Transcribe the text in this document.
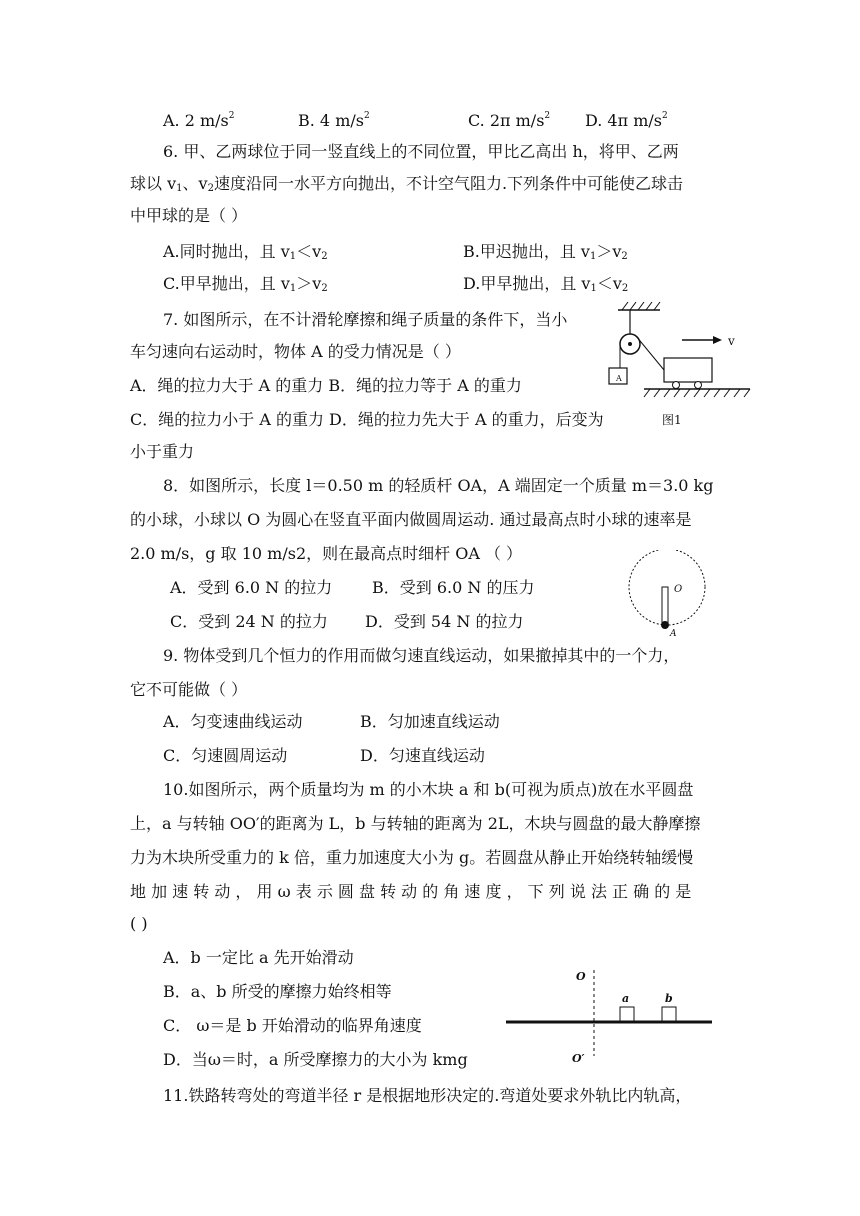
A. 2 $m/s^2$	B. 4 $m/s^2$	C. 2π $m/s^2$ D. 4π $m/s^2$
6. 甲、乙两球位于同一竖直线上的不同位置，甲比乙高出 h，将甲、乙两
球以 $v_1$、$v_2$速度沿同一水平方向抛出，不计空气阻力.下列条件中可能使乙球击
中甲球的是（ ）
A.同时抛出，且 $v_1<v_2$	B.甲迟抛出，且 $v_1>v_2$
C.甲早抛出，且 $v_1>v_2$	D.甲早抛出，且 $v_1<v_2$
7. 如图所示，在不计滑轮摩擦和绳子质量的条件下，当小
车匀速向右运动时，物体 A 的受力情况是（ ）
A．绳的拉力大于 A 的重力 B．绳的拉力等于 A 的重力
C．绳的拉力小于 A 的重力 D．绳的拉力先大于 A 的重力，后变为
小于重力
A
v
图1
8．如图所示，长度 l＝0.50 m 的轻质杆 OA，A 端固定一个质量 m＝3.0 kg
的小球，小球以 O 为圆心在竖直平面内做圆周运动. 通过最高点时小球的速率是
2.0 m/s，g 取 10 m/s2，则在最高点时细杆 OA （ ）
A．受到 6.0 N 的拉力 B．受到 6.0 N 的压力
C．受到 24 N 的拉力 D．受到 54 N 的拉力
O
A
9. 物体受到几个恒力的作用而做匀速直线运动，如果撤掉其中的一个力，
它不可能做（ ）
A．匀变速曲线运动	B．匀加速直线运动
C．匀速圆周运动	D．匀速直线运动
10.如图所示，两个质量均为 m 的小木块 a 和 b(可视为质点)放在水平圆盘
上，a 与转轴 OO′的距离为 L，b 与转轴的距离为 2L，木块与圆盘的最大静摩擦
力为木块所受重力的 k 倍，重力加速度大小为 g。若圆盘从静止开始绕转轴缓慢
地 加 速 转 动 ， 用 ω 表 示 圆 盘 转 动 的 角 速 度 ， 下 列 说 法 正 确 的 是
( )
A．b 一定比 a 先开始滑动
B．a、b 所受的摩擦力始终相等
C． ω＝是 b 开始滑动的临界角速度
D．当ω＝时，a 所受摩擦力的大小为 kmg
O
O′
a	b
11.铁路转弯处的弯道半径 r 是根据地形决定的.弯道处要求外轨比内轨高，
